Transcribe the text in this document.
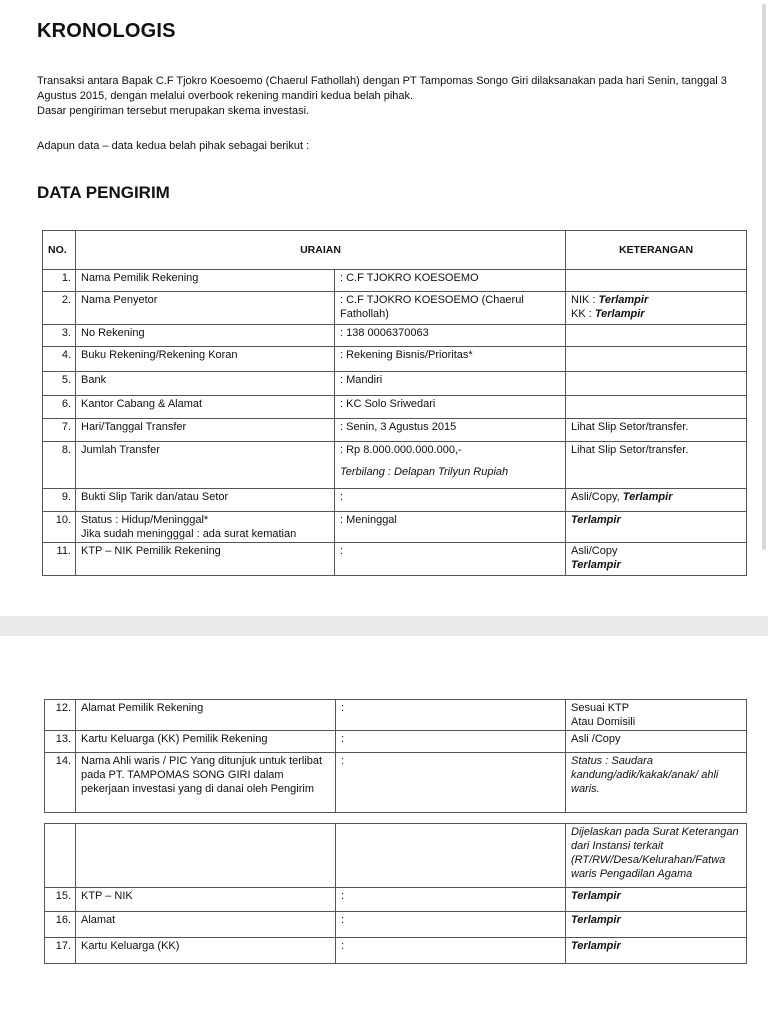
KRONOLOGIS

Transaksi antara Bapak C.F Tjokro Koesoemo (Chaerul Fathollah) dengan PT Tampomas Songo Giri dilaksanakan pada hari Senin, tanggal 3 Agustus 2015, dengan melalui overbook rekening mandiri kedua belah pihak.

Dasar pengiriman tersebut merupakan skema investasi.

Adapun data – data kedua belah pihak sebagai berikut :
DATA PENGIRIM
NO.	URAIAN		KETERANGAN
1.	Nama Pemilik Rekening	: C.F TJOKRO KOESOEMO	
2.	Nama Penyetor	: C.F TJOKRO KOESOEMO (Chaerul Fathollah)	NIK : Terlampir
KK : Terlampir
3.	No Rekening	: 138 0006370063	
4.	Buku Rekening/Rekening Koran	: Rekening Bisnis/Prioritas*	
5.	Bank	: Mandiri	
6.	Kantor Cabang & Alamat	: KC Solo Sriwedari	
7.	Hari/Tanggal Transfer	: Senin, 3 Agustus 2015	Lihat Slip Setor/transfer.
8.	Jumlah Transfer	: Rp 8.000.000.000.000,-
Terbilang : Delapan Trilyun Rupiah	Lihat Slip Setor/transfer.
9.	Bukti Slip Tarik dan/atau Setor	:	Asli/Copy, Terlampir
10.	Status : Hidup/Meninggal*
Jika sudah meningggal : ada surat kematian	: Meninggal	Terlampir
11.	KTP – NIK Pemilik Rekening	:	Asli/Copy
Terlampir
12.	Alamat Pemilik Rekening	:	Sesuai KTP
Atau Domisili
13.	Kartu Keluarga (KK) Pemilik Rekening	:	Asli /Copy
14.	Nama Ahli waris / PIC Yang ditunjuk untuk terlibat pada PT. TAMPOMAS SONG GIRI dalam pekerjaan investasi yang di danai oleh Pengirim	:	Status : Saudara kandung/adik/kakak/anak/ ahli waris.
			Dijelaskan pada Surat Keterangan dari Instansi terkait (RT/RW/Desa/Kelurahan/Fatwa waris Pengadilan Agama
15.	KTP – NIK	:	Terlampir
16.	Alamat	:	Terlampir
17.	Kartu Keluarga (KK)	:	Terlampir
